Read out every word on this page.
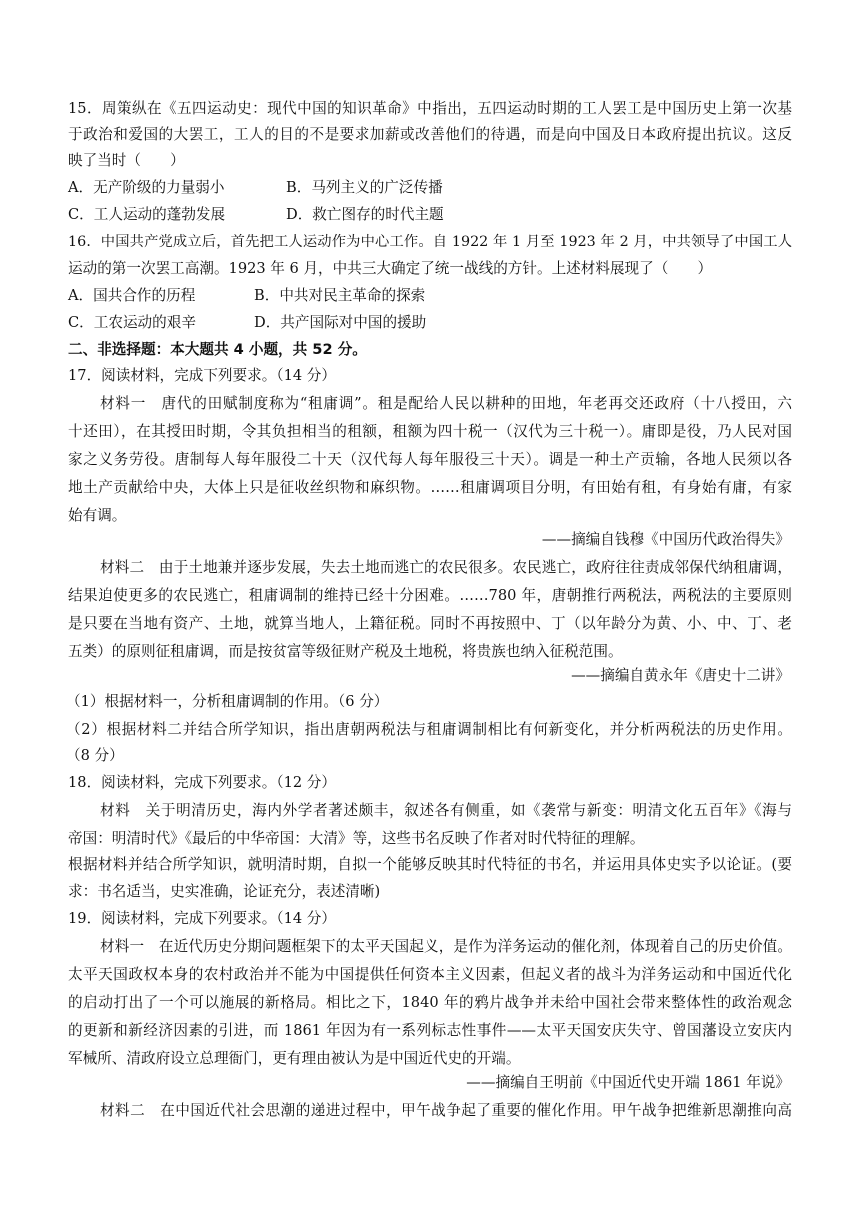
15．周策纵在《五四运动史：现代中国的知识革命》中指出，五四运动时期的工人罢工是中国历史上第一次基
于政治和爱国的大罢工，工人的目的不是要求加薪或改善他们的待遇，而是向中国及日本政府提出抗议。这反
映了当时（　　）
A．无产阶级的力量弱小	B．马列主义的广泛传播
C．工人运动的蓬勃发展	D．救亡图存的时代主题
16．中国共产党成立后，首先把工人运动作为中心工作。自 1922 年 1 月至 1923 年 2 月，中共领导了中国工人
运动的第一次罢工高潮。1923 年 6 月，中共三大确定了统一战线的方针。上述材料展现了（　　）
A．国共合作的历程	B．中共对民主革命的探索
C．工农运动的艰辛	D．共产国际对中国的援助
二、非选择题：本大题共 4 小题，共 52 分。
17．阅读材料，完成下列要求。（14 分）
材料一　唐代的田赋制度称为“租庸调”。租是配给人民以耕种的田地，年老再交还政府（十八授田，六
十还田），在其授田时期，令其负担相当的租额，租额为四十税一（汉代为三十税一）。庸即是役，乃人民对国
家之义务劳役。唐制每人每年服役二十天（汉代每人每年服役三十天）。调是一种土产贡输，各地人民须以各
地土产贡献给中央，大体上只是征收丝织物和麻织物。……租庸调项目分明，有田始有租，有身始有庸，有家
始有调。
——摘编自钱穆《中国历代政治得失》
材料二　由于土地兼并逐步发展，失去土地而逃亡的农民很多。农民逃亡，政府往往责成邻保代纳租庸调，
结果迫使更多的农民逃亡，租庸调制的维持已经十分困难。……780 年，唐朝推行两税法，两税法的主要原则
是只要在当地有资产、土地，就算当地人，上籍征税。同时不再按照中、丁（以年龄分为黄、小、中、丁、老
五类）的原则征租庸调，而是按贫富等级征财产税及土地税，将贵族也纳入征税范围。
——摘编自黄永年《唐史十二讲》
（1）根据材料一，分析租庸调制的作用。（6 分）
（2）根据材料二并结合所学知识，指出唐朝两税法与租庸调制相比有何新变化，并分析两税法的历史作用。
（8 分）
18．阅读材料，完成下列要求。（12 分）
材料　关于明清历史，海内外学者著述颇丰，叙述各有侧重，如《袭常与新变：明清文化五百年》《海与
帝国：明清时代》《最后的中华帝国：大清》等，这些书名反映了作者对时代特征的理解。
根据材料并结合所学知识，就明清时期，自拟一个能够反映其时代特征的书名，并运用具体史实予以论证。(要
求：书名适当，史实准确，论证充分，表述清晰)
19．阅读材料，完成下列要求。（14 分）
材料一　在近代历史分期问题框架下的太平天国起义，是作为洋务运动的催化剂，体现着自己的历史价值。
太平天国政权本身的农村政治并不能为中国提供任何资本主义因素，但起义者的战斗为洋务运动和中国近代化
的启动打出了一个可以施展的新格局。相比之下，1840 年的鸦片战争并未给中国社会带来整体性的政治观念
的更新和新经济因素的引进，而 1861 年因为有一系列标志性事件——太平天国安庆失守、曾国藩设立安庆内
军械所、清政府设立总理衙门，更有理由被认为是中国近代史的开端。
——摘编自王明前《中国近代史开端 1861 年说》
材料二　在中国近代社会思潮的递进过程中，甲午战争起了重要的催化作用。甲午战争把维新思潮推向高
